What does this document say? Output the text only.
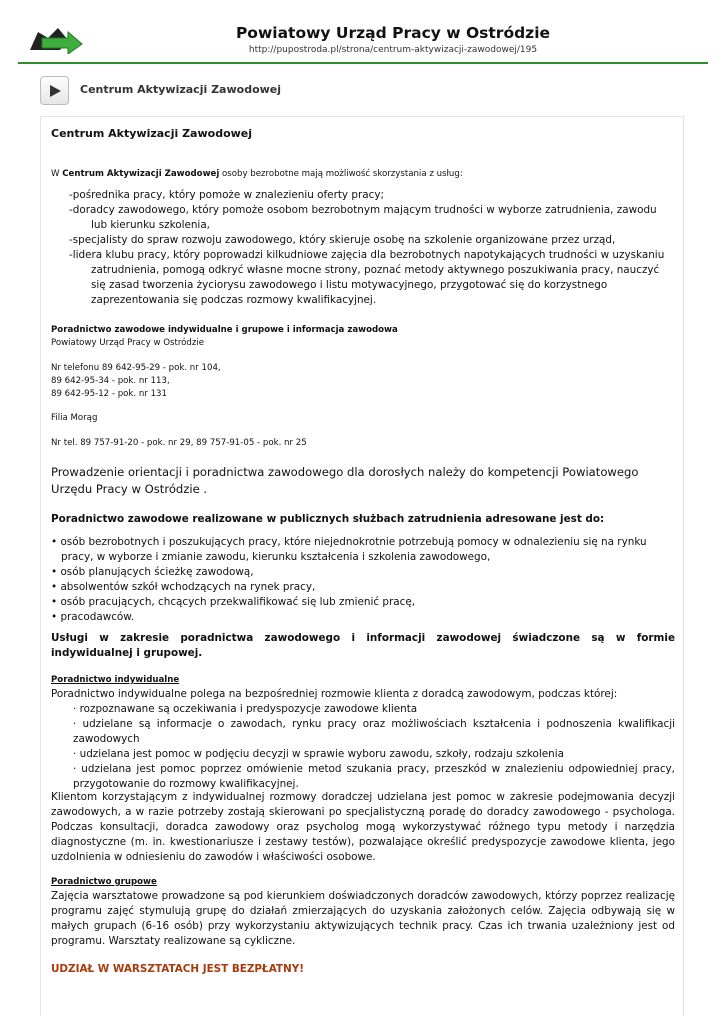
Powiatowy Urząd Pracy w Ostródzie
http://pupostroda.pl/strona/centrum-aktywizacji-zawodowej/195
Centrum Aktywizacji Zawodowej
Centrum Aktywizacji Zawodowej
W Centrum Aktywizacji Zawodowej osoby bezrobotne mają możliwość skorzystania z usług:
-pośrednika pracy, który pomoże w znalezieniu oferty pracy;
-doradcy zawodowego, który pomoże osobom bezrobotnym mającym trudności w wyborze zatrudnienia, zawodu lub kierunku szkolenia,
-specjalisty do spraw rozwoju zawodowego, który skieruje osobę na szkolenie organizowane przez urząd,
-lidera klubu pracy, który poprowadzi kilkudniowe zajęcia dla bezrobotnych napotykających trudności w uzyskaniu zatrudnienia, pomogą odkryć własne mocne strony, poznać metody aktywnego poszukiwania pracy, nauczyć się zasad tworzenia życiorysu zawodowego i listu motywacyjnego, przygotować się do korzystnego zaprezentowania się podczas rozmowy kwalifikacyjnej.
Poradnictwo zawodowe indywidualne i grupowe i informacja zawodowa
Powiatowy Urząd Pracy w Ostródzie
Nr telefonu 89 642-95-29 - pok. nr 104,
89 642-95-34 - pok. nr 113,
89 642-95-12 - pok. nr 131
Filia Morąg
Nr tel. 89 757-91-20 - pok. nr 29, 89 757-91-05 - pok. nr 25
Prowadzenie orientacji i poradnictwa zawodowego dla dorosłych należy do kompetencji Powiatowego Urzędu Pracy w Ostródzie .
Poradnictwo zawodowe realizowane w publicznych służbach zatrudnienia adresowane jest do:
• osób bezrobotnych i poszukujących pracy, które niejednokrotnie potrzebują pomocy w odnalezieniu się na rynku pracy, w wyborze i zmianie zawodu, kierunku kształcenia i szkolenia zawodowego,
• osób planujących ścieżkę zawodową,
• absolwentów szkół wchodzących na rynek pracy,
• osób pracujących, chcących przekwalifikować się lub zmienić pracę,
• pracodawców.
Usługi w zakresie poradnictwa zawodowego i informacji zawodowej świadczone są w formie indywidualnej i grupowej.
Poradnictwo indywidualne
Poradnictwo indywidualne polega na bezpośredniej rozmowie klienta z doradcą zawodowym, podczas której:
· rozpoznawane są oczekiwania i predyspozycje zawodowe klienta
· udzielane są informacje o zawodach, rynku pracy oraz możliwościach kształcenia i podnoszenia kwalifikacji zawodowych
· udzielana jest pomoc w podjęciu decyzji w sprawie wyboru zawodu, szkoły, rodzaju szkolenia
· udzielana jest pomoc poprzez omówienie metod szukania pracy, przeszkód w znalezieniu odpowiedniej pracy, przygotowanie do rozmowy kwalifikacyjnej.
Klientom korzystającym z indywidualnej rozmowy doradczej udzielana jest pomoc w zakresie podejmowania decyzji zawodowych, a w razie potrzeby zostają skierowani po specjalistyczną poradę do doradcy zawodowego - psychologa. Podczas konsultacji, doradca zawodowy oraz psycholog mogą wykorzystywać różnego typu metody i narzędzia diagnostyczne (m. in. kwestionariusze i zestawy testów), pozwalające określić predyspozycje zawodowe klienta, jego uzdolnienia w odniesieniu do zawodów i właściwości osobowe.
Poradnictwo grupowe
Zajęcia warsztatowe prowadzone są pod kierunkiem doświadczonych doradców zawodowych, którzy poprzez realizację programu zajęć stymulują grupę do działań zmierzających do uzyskania założonych celów. Zajęcia odbywają się w małych grupach (6-16 osób) przy wykorzystaniu aktywizujących technik pracy. Czas ich trwania uzależniony jest od programu. Warsztaty realizowane są cykliczne.
UDZIAŁ W WARSZTATACH JEST BEZPŁATNY!
